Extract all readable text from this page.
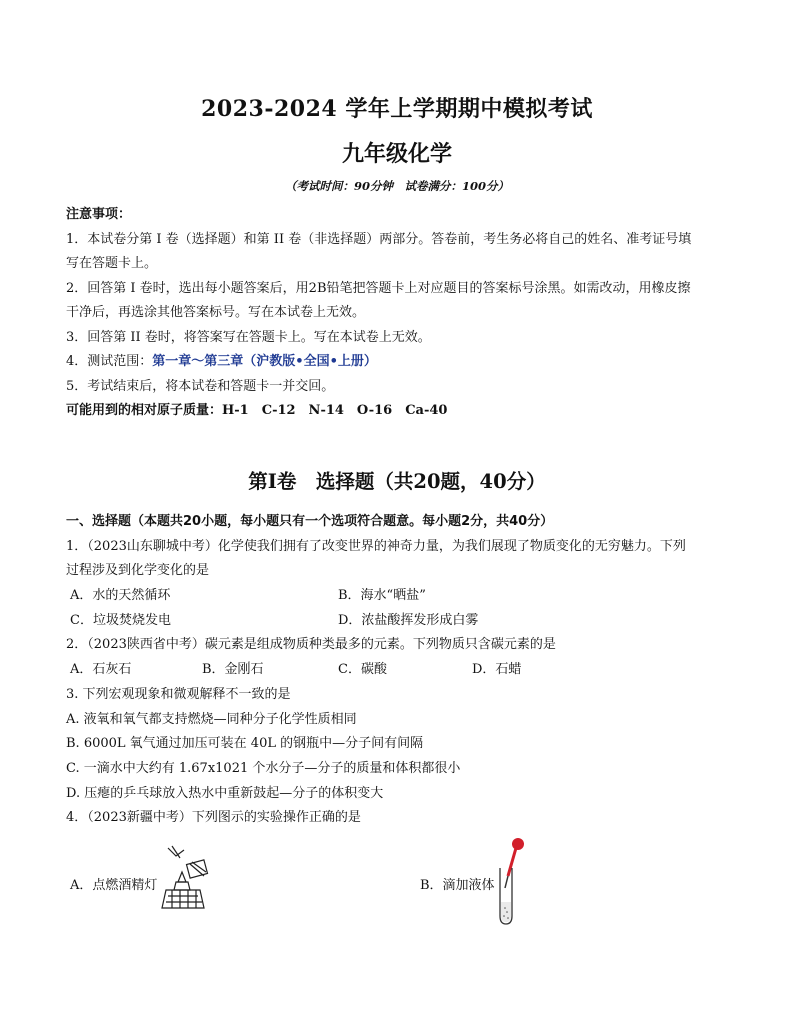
2023-2024 学年上学期期中模拟考试
九年级化学
（考试时间：90分钟　试卷满分：100分）
注意事项：
1．本试卷分第 I 卷（选择题）和第 II 卷（非选择题）两部分。答卷前，考生务必将自己的姓名、准考证号填
写在答题卡上。
2．回答第 I 卷时，选出每小题答案后，用2B铅笔把答题卡上对应题目的答案标号涂黑。如需改动，用橡皮擦
干净后，再选涂其他答案标号。写在本试卷上无效。
3．回答第 II 卷时，将答案写在答题卡上。写在本试卷上无效。
4．测试范围：第一章～第三章（沪教版•全国•上册）
5．考试结束后，将本试卷和答题卡一并交回。
可能用到的相对原子质量：H-1　C-12　N-14　O-16　Ca-40
第I卷　选择题（共20题，40分）
一、选择题（本题共20小题，每小题只有一个选项符合题意。每小题2分，共40分）
1．（2023山东聊城中考）化学使我们拥有了改变世界的神奇力量，为我们展现了物质变化的无穷魅力。下列
过程涉及到化学变化的是
A．水的天然循环	B．海水“晒盐”
C．垃圾焚烧发电	D．浓盐酸挥发形成白雾
2．（2023陕西省中考）碳元素是组成物质种类最多的元素。下列物质只含碳元素的是
A．石灰石	B．金刚石	C．碳酸	D．石蜡
3. 下列宏观现象和微观解释不一致的是
A. 液氧和氧气都支持燃烧—同种分子化学性质相同
B. 6000L 氧气通过加压可装在 40L 的钢瓶中—分子间有间隔
C. 一滴水中大约有 1.67x1021 个水分子—分子的质量和体积都很小
D. 压瘪的乒乓球放入热水中重新鼓起—分子的体积变大
4．（2023新疆中考）下列图示的实验操作正确的是
A．点燃酒精灯	B．滴加液体
